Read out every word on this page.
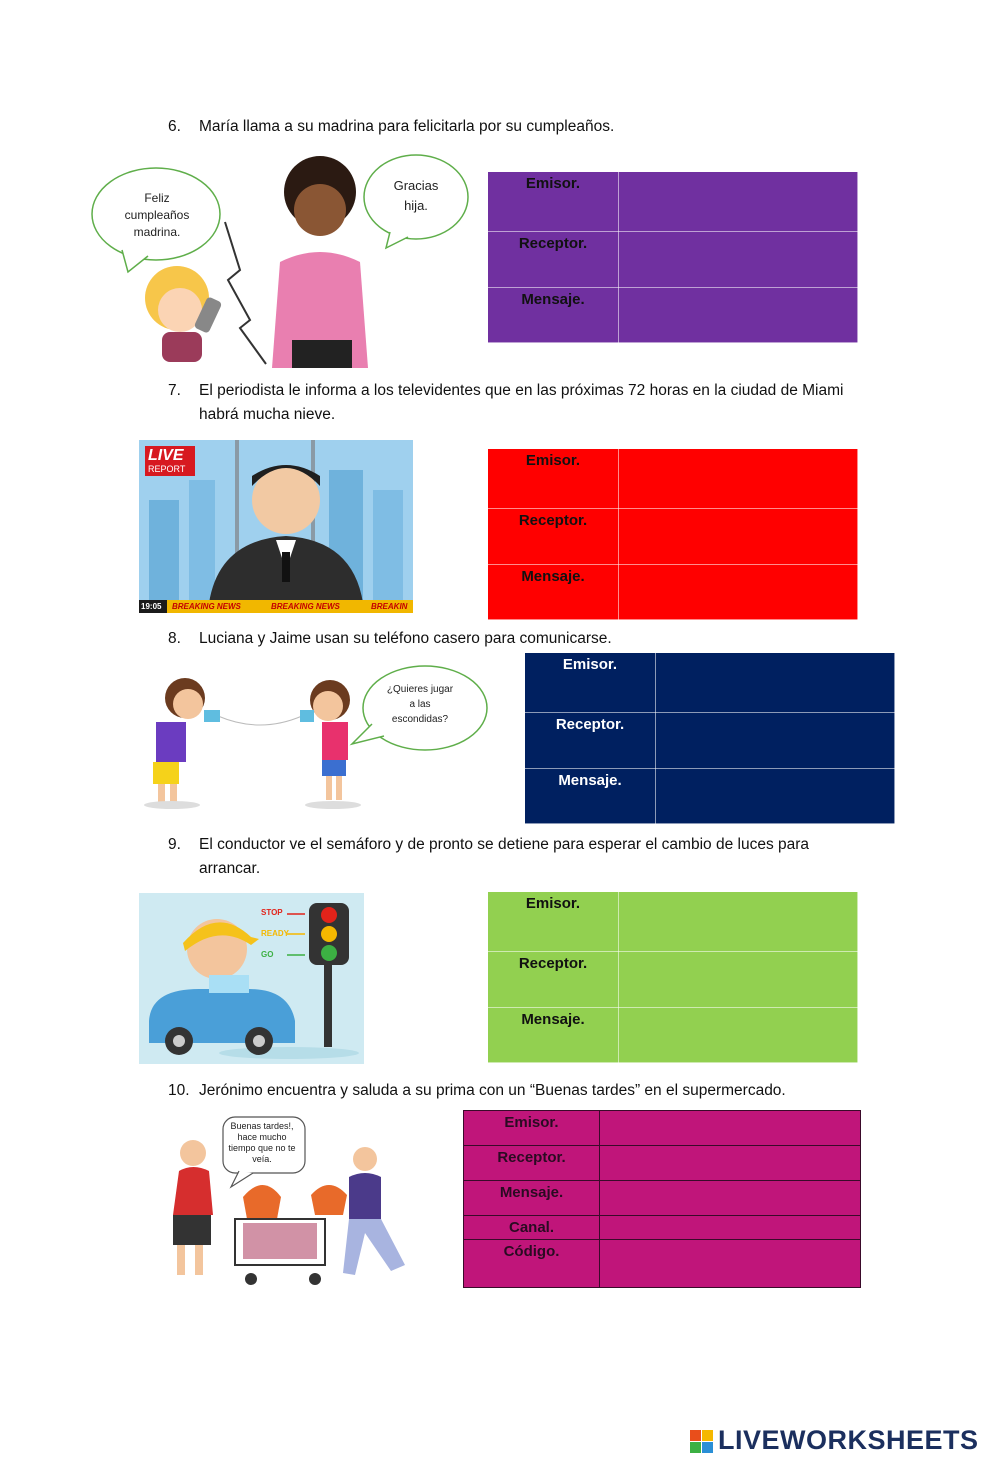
6.	María llama a su madrina para felicitarla por su cumpleaños.
Feliz cumpleaños madrina.
Gracias hija.
Emisor.	
Receptor.	
Mensaje.	
7.	El periodista le informa a los televidentes que en las próximas 72 horas en la ciudad de Miami habrá mucha nieve.
LIVE
REPORT
19:05 BREAKING NEWS	BREAKING NEWS	BREAKIN
Emisor.	
Receptor.	
Mensaje.	
8.	Luciana y Jaime usan su teléfono casero para comunicarse.
¿Quieres jugar a las escondidas?
Emisor.	
Receptor.	
Mensaje.	
9.	El conductor ve el semáforo y de pronto se detiene para esperar el cambio de luces para arrancar.
STOP
READY
GO
Emisor.	
Receptor.	
Mensaje.	
10. Jerónimo encuentra y saluda a su prima con un “Buenas tardes” en el supermercado.
Buenas tardes!, hace mucho tiempo que no te veía.
Emisor.	
Receptor.	
Mensaje.	
Canal.	
Código.	
LIVEWORKSHEETS
